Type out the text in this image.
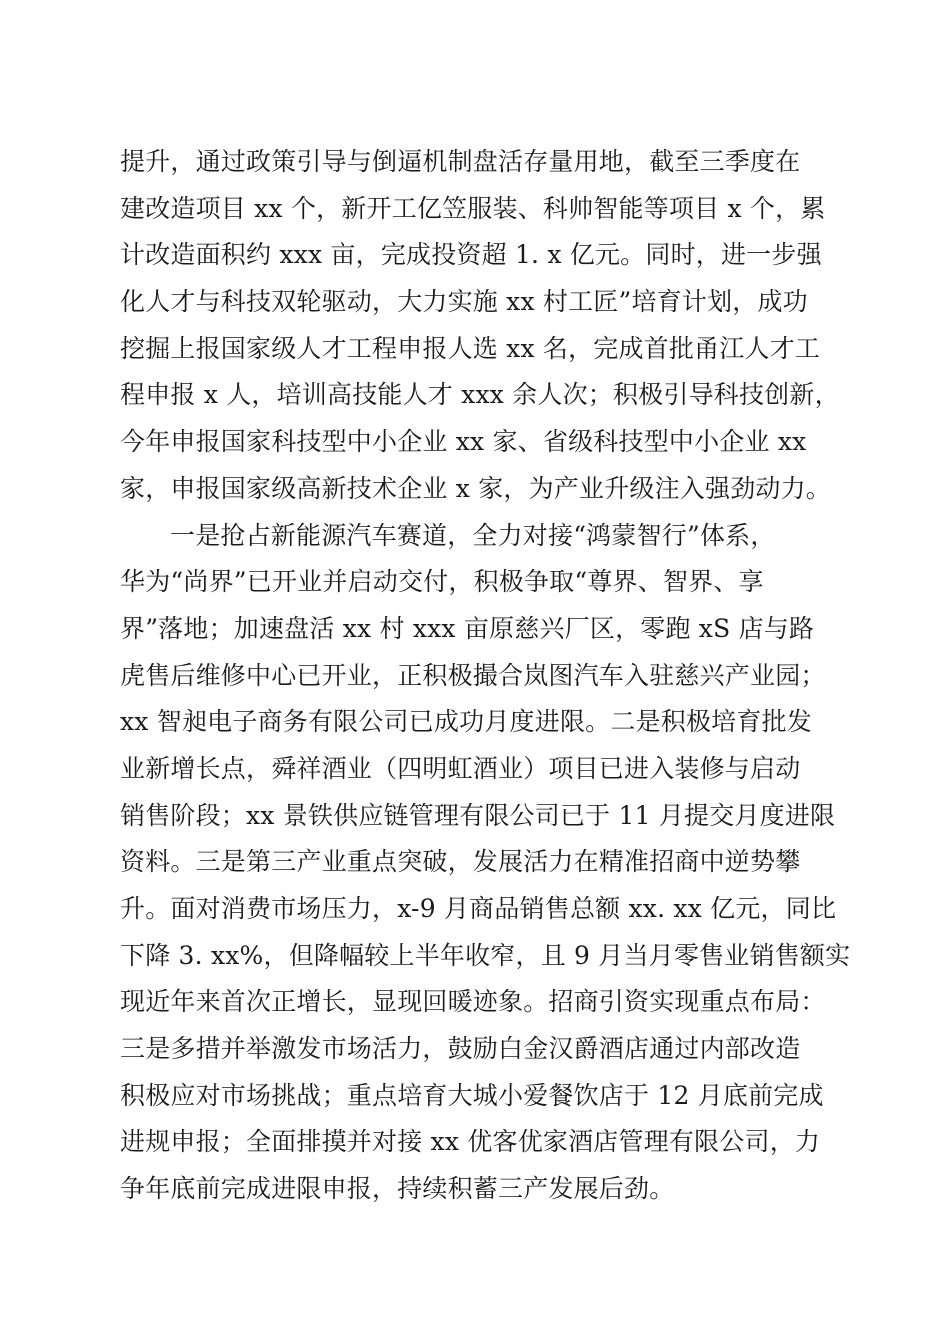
提升，通过政策引导与倒逼机制盘活存量用地，截至三季度在
建改造项目 xx 个，新开工亿笠服装、科帅智能等项目 x 个，累
计改造面积约 xxx 亩，完成投资超 1. x 亿元。同时，进一步强
化人才与科技双轮驱动，大力实施 xx 村工匠”培育计划，成功
挖掘上报国家级人才工程申报人选 xx 名，完成首批甬江人才工
程申报 x 人，培训高技能人才 xxx 余人次；积极引导科技创新，
今年申报国家科技型中小企业 xx 家、省级科技型中小企业 xx
家，申报国家级高新技术企业 x 家，为产业升级注入强劲动力。
一是抢占新能源汽车赛道，全力对接“鸿蒙智行”体系，
华为“尚界”已开业并启动交付，积极争取“尊界、智界、享
界”落地；加速盘活 xx 村 xxx 亩原慈兴厂区，零跑 xS 店与路
虎售后维修中心已开业，正积极撮合岚图汽车入驻慈兴产业园；
xx 智昶电子商务有限公司已成功月度进限。二是积极培育批发
业新增长点，舜祥酒业（四明虹酒业）项目已进入装修与启动
销售阶段；xx 景铁供应链管理有限公司已于 11 月提交月度进限
资料。三是第三产业重点突破，发展活力在精准招商中逆势攀
升。面对消费市场压力，x-9 月商品销售总额 xx. xx 亿元，同比
下降 3. xx%，但降幅较上半年收窄，且 9 月当月零售业销售额实
现近年来首次正增长，显现回暖迹象。招商引资实现重点布局：
三是多措并举激发市场活力，鼓励白金汉爵酒店通过内部改造
积极应对市场挑战；重点培育大城小爱餐饮店于 12 月底前完成
进规申报；全面排摸并对接 xx 优客优家酒店管理有限公司，力
争年底前完成进限申报，持续积蓄三产发展后劲。
